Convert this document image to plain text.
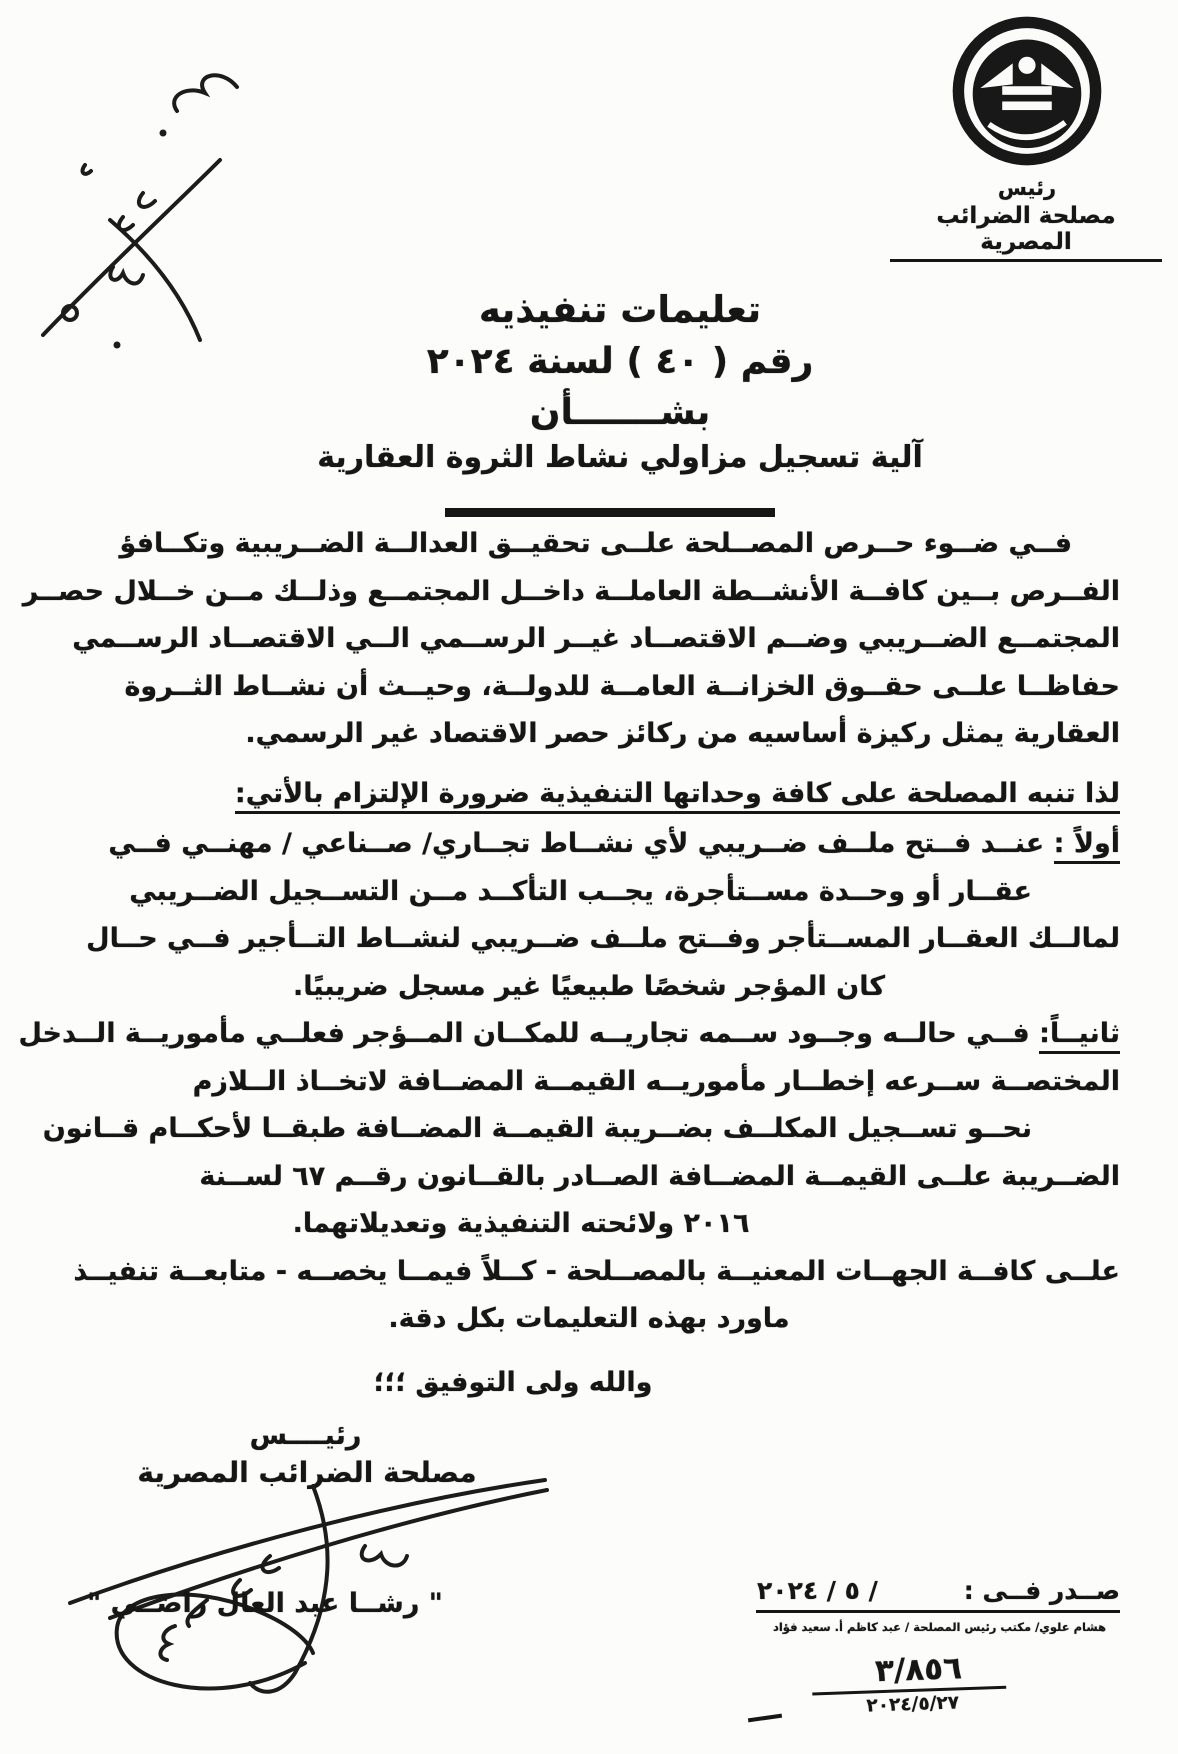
رئيس
مصلحة الضرائب المصرية
تعليمات تنفيذيه
رقم ( ٤٠ ) لسنة ٢٠٢٤
بشـــــــأن
آلية تسجيل مزاولي نشاط الثروة العقارية
فــي ضــوء حــرص المصــلحة علــى تحقيــق العدالــة الضــريبية وتكــافؤ
الفــرص بــين كافــة الأنشــطة العاملــة داخــل المجتمــع وذلــك مــن خــلال حصــر
المجتمــع الضــريبي وضــم الاقتصــاد غيــر الرســمي الــي الاقتصــاد الرســمي
حفاظــا علــى حقــوق الخزانــة العامــة للدولــة، وحيــث أن نشــاط الثــروة
العقارية يمثل ركيزة أساسيه من ركائز حصر الاقتصاد غير الرسمي.
لذا تنبه المصلحة على كافة وحداتها التنفيذية ضرورة الإلتزام بالأتي:
أولاً : عنــد فــتح ملــف ضــريبي لأي نشــاط تجــاري/ صــناعي / مهنــي فــي
عقــار أو وحــدة مســتأجرة، يجــب التأكــد مــن التســجيل الضــريبي
لمالــك العقــار المســتأجر وفــتح ملــف ضــريبي لنشــاط التــأجير فــي حــال
كان المؤجر شخصًا طبيعيًا غير مسجل ضريبيًا.
ثانيــاً: فــي حالــه وجــود ســمه تجاريــه للمكــان المــؤجر فعلــي مأموريــة الــدخل
المختصــة ســرعه إخطــار مأموريــه القيمــة المضــافة لاتخــاذ الــلازم
نحــو تســجيل المكلــف بضــريبة القيمــة المضــافة طبقــا لأحكــام قــانون
الضــريبة علــى القيمــة المضــافة الصــادر بالقــانون رقــم ٦٧ لســنة
٢٠١٦ ولائحته التنفيذية وتعديلاتهما.
علــى كافــة الجهــات المعنيــة بالمصــلحة - كــلاً فيمــا يخصــه - متابعــة تنفيــذ
ماورد بهذه التعليمات بكل دقة.
والله ولى التوفيق ؛؛؛
رئيــــس
مصلحة الضرائب المصرية
" رشــا عبد العال راضــي "	صــدر فــى :/ ٥ / ٢٠٢٤
هشام علوي/ مكتب رئيس المصلحة / عبد كاظم أ. سعيد فؤاد
٣/٨٥٦
٢٠٢٤/٥/٢٧
